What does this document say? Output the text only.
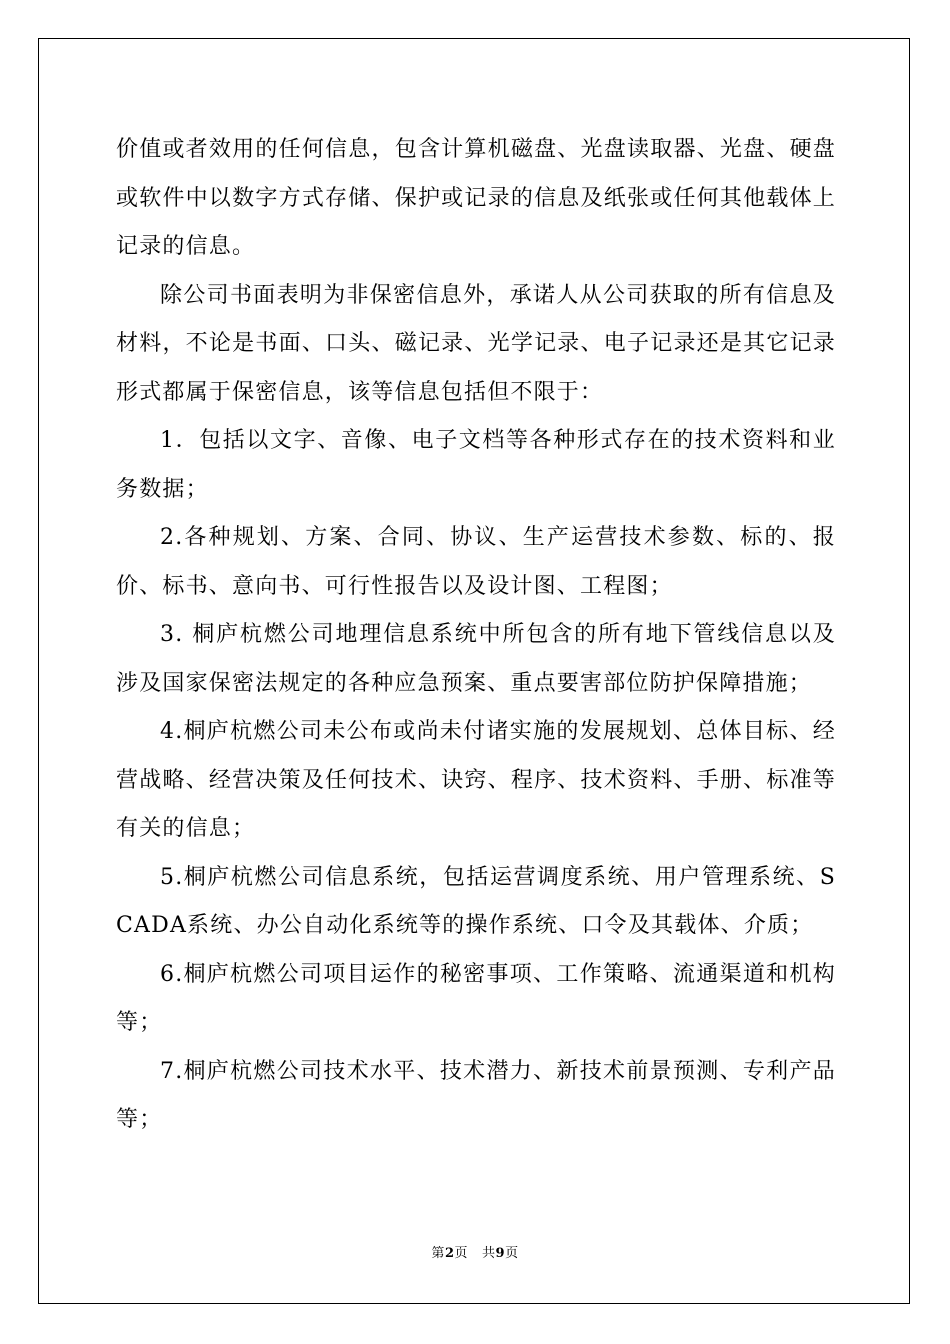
价值或者效用的任何信息，包含计算机磁盘、光盘读取器、光盘、硬盘或软件中以数字方式存储、保护或记录的信息及纸张或任何其他载体上记录的信息。

除公司书面表明为非保密信息外，承诺人从公司获取的所有信息及材料，不论是书面、口头、磁记录、光学记录、电子记录还是其它记录形式都属于保密信息，该等信息包括但不限于：

1．包括以文字、音像、电子文档等各种形式存在的技术资料和业务数据；

2.各种规划、方案、合同、协议、生产运营技术参数、标的、报价、标书、意向书、可行性报告以及设计图、工程图；

3. 桐庐杭燃公司地理信息系统中所包含的所有地下管线信息以及涉及国家保密法规定的各种应急预案、重点要害部位防护保障措施；

4.桐庐杭燃公司未公布或尚未付诸实施的发展规划、总体目标、经营战略、经营决策及任何技术、诀窍、程序、技术资料、手册、标准等有关的信息；

5.桐庐杭燃公司信息系统，包括运营调度系统、用户管理系统、SCADA系统、办公自动化系统等的操作系统、口令及其载体、介质；

6.桐庐杭燃公司项目运作的秘密事项、工作策略、流通渠道和机构等；

7.桐庐杭燃公司技术水平、技术潜力、新技术前景预测、专利产品等；

第2页 共9页
